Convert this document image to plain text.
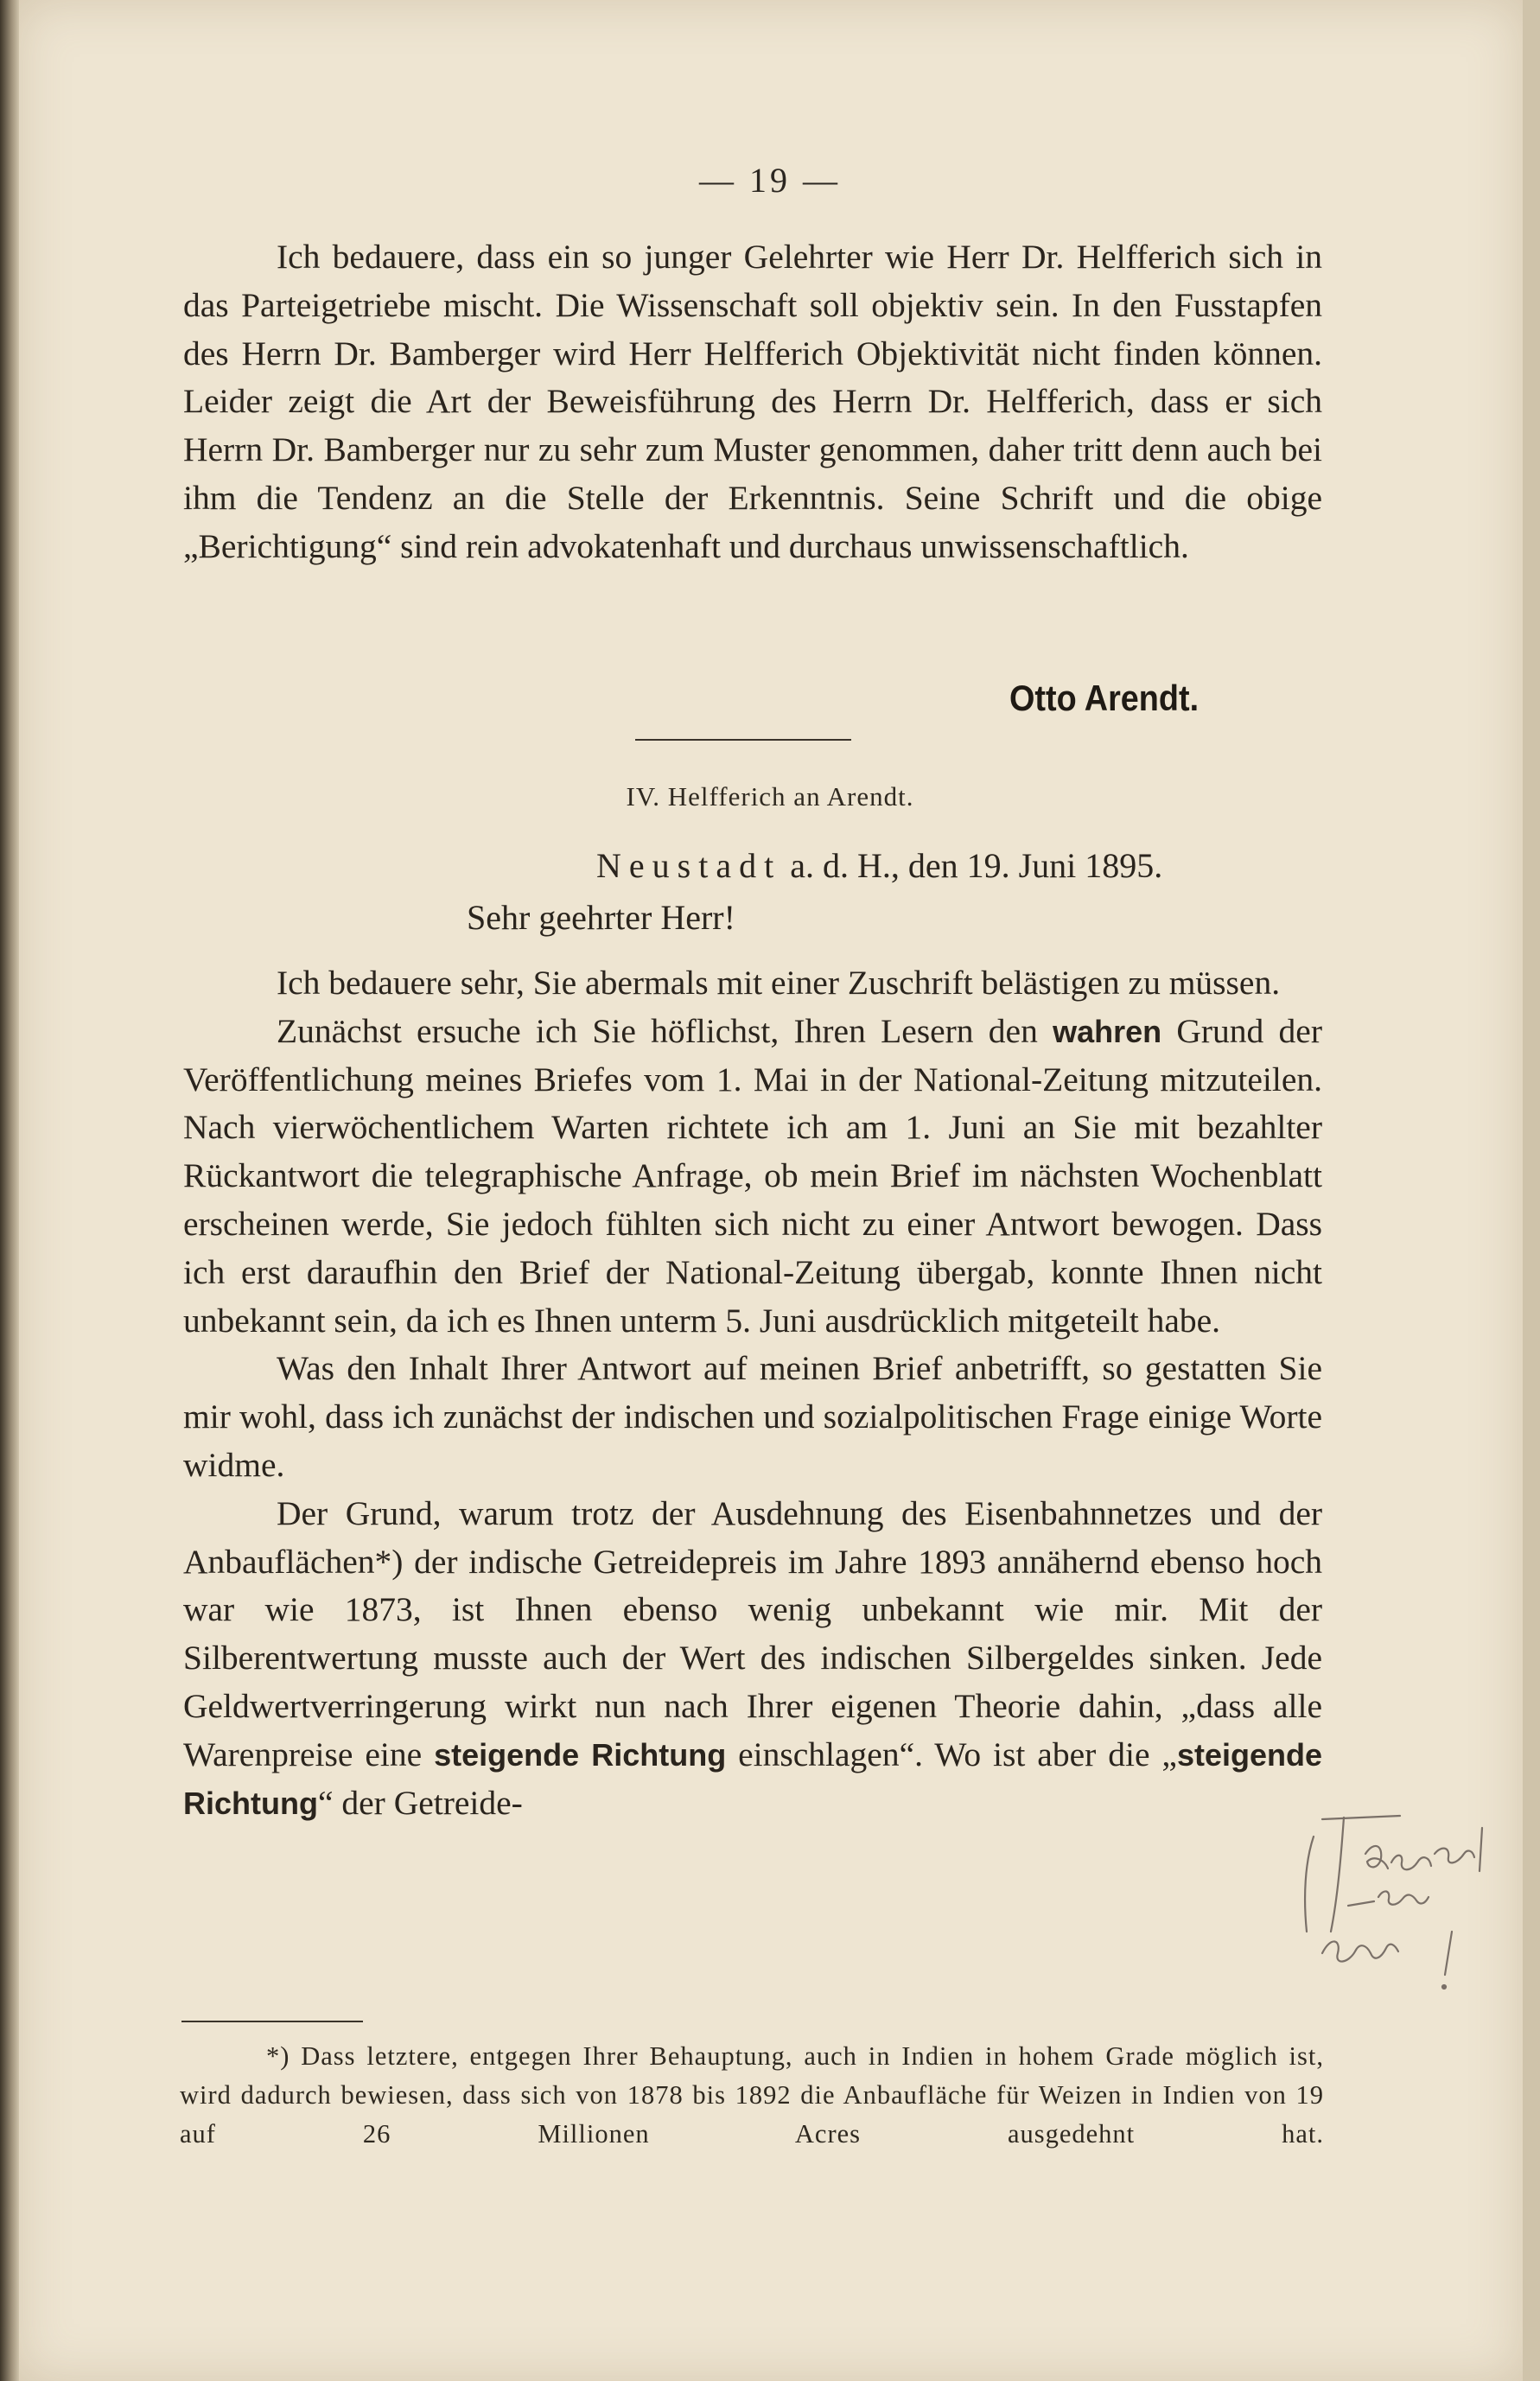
— 19 —

Ich bedauere, dass ein so junger Gelehrter wie Herr Dr. Helfferich sich in das Parteigetriebe mischt. Die Wissenschaft soll objektiv sein. In den Fusstapfen des Herrn Dr. Bamberger wird Herr Helfferich Objektivität nicht finden können. Leider zeigt die Art der Beweisführung des Herrn Dr. Helfferich, dass er sich Herrn Dr. Bamberger nur zu sehr zum Muster genommen, daher tritt denn auch bei ihm die Tendenz an die Stelle der Erkenntnis. Seine Schrift und die obige „Berichtigung“ sind rein advokatenhaft und durchaus unwissenschaftlich.

Otto Arendt.
IV. Helfferich an Arendt.
Neustadt a. d. H., den 19. Juni 1895.
Sehr geehrter Herr!

Ich bedauere sehr, Sie abermals mit einer Zuschrift belästigen zu müssen.

Zunächst ersuche ich Sie höflichst, Ihren Lesern den wahren Grund der Veröffentlichung meines Briefes vom 1. Mai in der National-Zeitung mitzuteilen. Nach vierwöchentlichem Warten richtete ich am 1. Juni an Sie mit bezahlter Rückantwort die telegraphische Anfrage, ob mein Brief im nächsten Wochenblatt erscheinen werde, Sie jedoch fühlten sich nicht zu einer Antwort bewogen. Dass ich erst daraufhin den Brief der National-Zeitung übergab, konnte Ihnen nicht unbekannt sein, da ich es Ihnen unterm 5. Juni ausdrücklich mitgeteilt habe.

Was den Inhalt Ihrer Antwort auf meinen Brief anbetrifft, so gestatten Sie mir wohl, dass ich zunächst der indischen und sozialpolitischen Frage einige Worte widme.

Der Grund, warum trotz der Ausdehnung des Eisenbahnnetzes und der Anbauflächen*) der indische Getreidepreis im Jahre 1893 annähernd ebenso hoch war wie 1873, ist Ihnen ebenso wenig unbekannt wie mir. Mit der Silberentwertung musste auch der Wert des indischen Silbergeldes sinken. Jede Geldwertverringerung wirkt nun nach Ihrer eigenen Theorie dahin, „dass alle Warenpreise eine steigende Richtung einschlagen“. Wo ist aber die „steigende Richtung“ der Getreide-

*) Dass letztere, entgegen Ihrer Behauptung, auch in Indien in hohem Grade möglich ist, wird dadurch bewiesen, dass sich von 1878 bis 1892 die Anbaufläche für Weizen in Indien von 19 auf 26 Millionen Acres ausgedehnt hat.
